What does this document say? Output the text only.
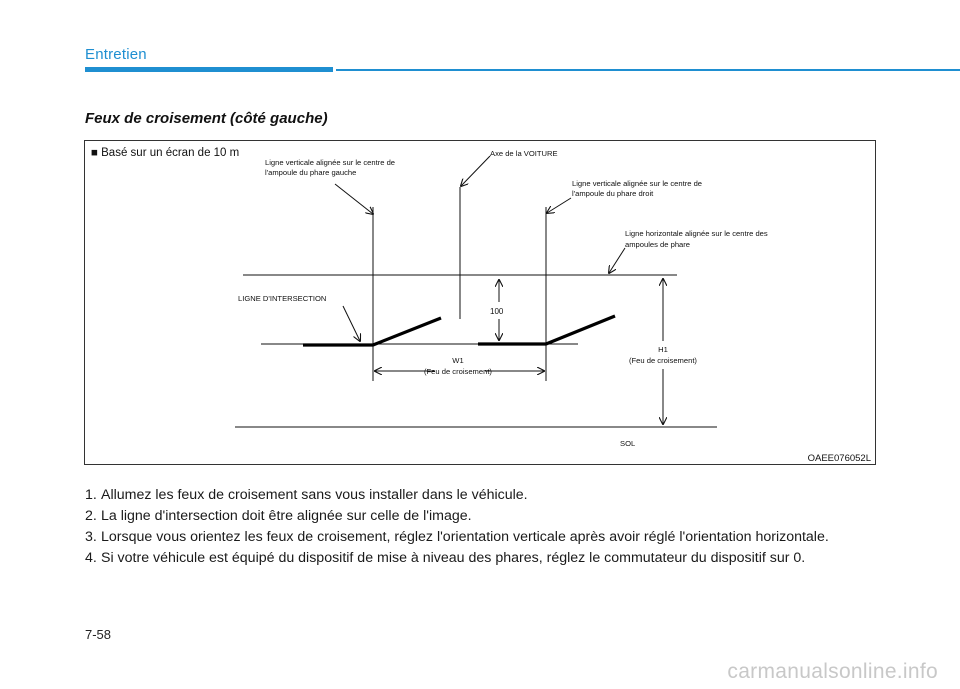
Entretien
Feux de croisement (côté gauche)
■ Basé sur un écran de 10 m
Ligne verticale alignée sur le centre de
l'ampoule du phare gauche
Axe de la VOITURE
Ligne verticale alignée sur le centre de
l'ampoule du phare droit
Ligne horizontale alignée sur le centre des
ampoules de phare
LIGNE D'INTERSECTION
100
W1
(Feu de croisement)
H1
(Feu de croisement)
SOL
OAEE076052L
1. Allumez les feux de croisement sans vous installer dans le véhicule.
2. La ligne d'intersection doit être alignée sur celle de l'image.
3. Lorsque vous orientez les feux de croisement, réglez l'orientation verticale après avoir réglé l'orientation horizontale.
4. Si votre véhicule est équipé du dispositif de mise à niveau des phares, réglez le commutateur du dispositif sur 0.
7-58
carmanualsonline.info
